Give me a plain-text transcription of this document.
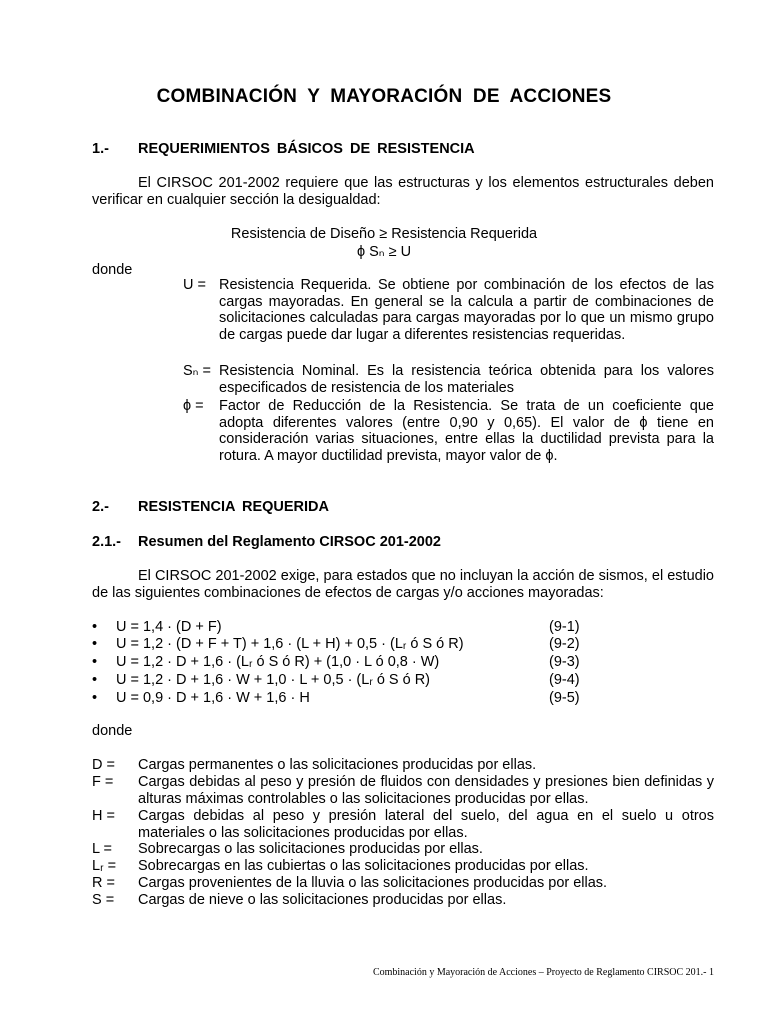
COMBINACIÓN Y MAYORACIÓN DE ACCIONES
1.- REQUERIMIENTOS BÁSICOS DE RESISTENCIA
El CIRSOC 201-2002 requiere que las estructuras y los elementos estructurales deben verificar en cualquier sección la desigualdad:
Resistencia de Diseño ≥ Resistencia Requerida
ϕ Sₙ ≥ U
donde
U = Resistencia Requerida. Se obtiene por combinación de los efectos de las cargas mayoradas. En general se la calcula a partir de combinaciones de solicitaciones calculadas para cargas mayoradas por lo que un mismo grupo de cargas puede dar lugar a diferentes resistencias requeridas.
Sₙ = Resistencia Nominal. Es la resistencia teórica obtenida para los valores especificados de resistencia de los materiales
ϕ = Factor de Reducción de la Resistencia. Se trata de un coeficiente que adopta diferentes valores (entre 0,90 y 0,65). El valor de ϕ tiene en consideración varias situaciones, entre ellas la ductilidad prevista para la rotura. A mayor ductilidad prevista, mayor valor de ϕ.
2.- RESISTENCIA REQUERIDA
2.1.- Resumen del Reglamento CIRSOC 201-2002
El CIRSOC 201-2002 exige, para estados que no incluyan la acción de sismos, el estudio de las siguientes combinaciones de efectos de cargas y/o acciones mayoradas:
• U = 1,4 · (D + F)	(9-1)
• U = 1,2 · (D + F + T) + 1,6 · (L + H) + 0,5 · (Lᵣ ó S ó R)	(9-2)
• U = 1,2 · D + 1,6 · (Lᵣ ó S ó R) + (1,0 · L ó 0,8 · W)	(9-3)
• U = 1,2 · D + 1,6 · W + 1,0 · L + 0,5 · (Lᵣ ó S ó R)	(9-4)
• U = 0,9 · D + 1,6 · W + 1,6 · H	(9-5)
donde
D = Cargas permanentes o las solicitaciones producidas por ellas.
F = Cargas debidas al peso y presión de fluidos con densidades y presiones bien definidas y alturas máximas controlables o las solicitaciones producidas por ellas.
H = Cargas debidas al peso y presión lateral del suelo, del agua en el suelo u otros materiales o las solicitaciones producidas por ellas.
L = Sobrecargas o las solicitaciones producidas por ellas.
Lᵣ = Sobrecargas en las cubiertas o las solicitaciones producidas por ellas.
R = Cargas provenientes de la lluvia o las solicitaciones producidas por ellas.
S = Cargas de nieve o las solicitaciones producidas por ellas.
Combinación y Mayoración de Acciones – Proyecto de Reglamento CIRSOC 201.- 1
